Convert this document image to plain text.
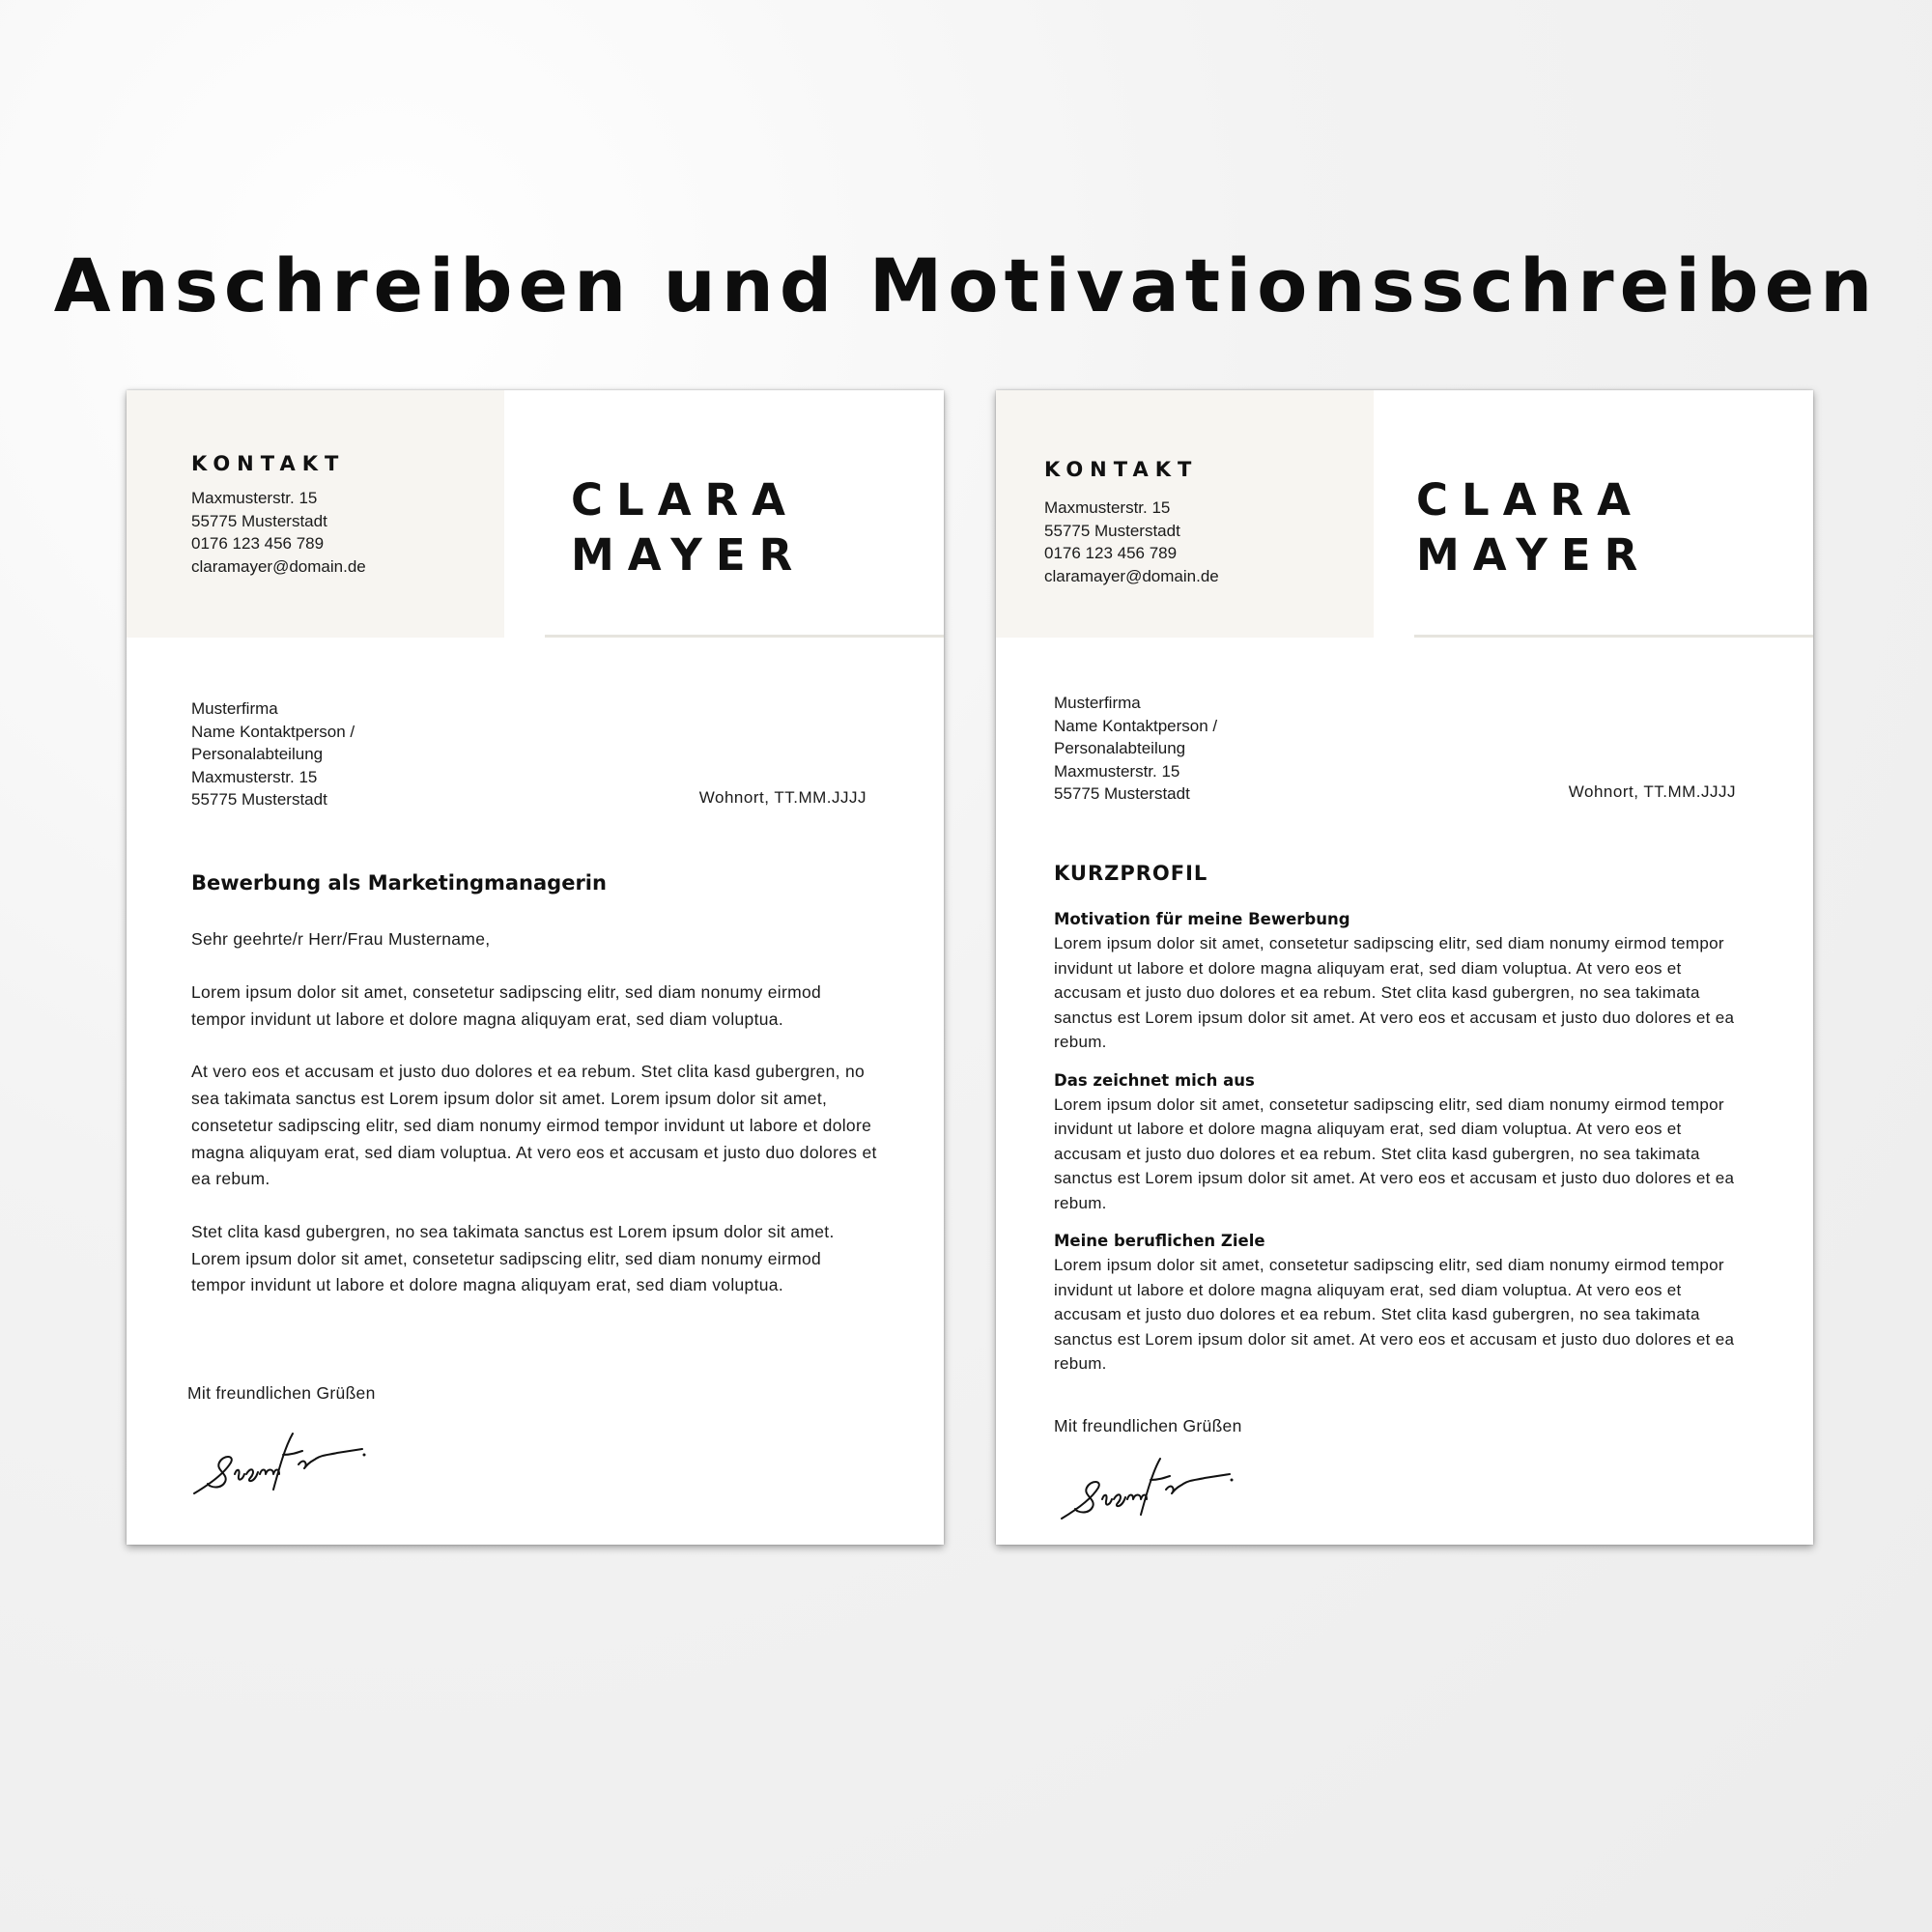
Anschreiben und Motivationsschreiben
KONTAKT
Maxmusterstr. 15
55775 Musterstadt
0176 123 456 789
claramayer@domain.de
CLARA
MAYER
Musterfirma
Name Kontaktperson /
Personalabteilung
Maxmusterstr. 15
55775 Musterstadt	Wohnort, TT.MM.JJJJ
Bewerbung als Marketingmanagerin
Sehr geehrte/r Herr/Frau Mustername,

Lorem ipsum dolor sit amet, consetetur sadipscing elitr, sed diam nonumy eirmod tempor invidunt ut labore et dolore magna aliquyam erat, sed diam voluptua.

At vero eos et accusam et justo duo dolores et ea rebum. Stet clita kasd gubergren, no sea takimata sanctus est Lorem ipsum dolor sit amet. Lorem ipsum dolor sit amet, consetetur sadipscing elitr, sed diam nonumy eirmod tempor invidunt ut labore et dolore magna aliquyam erat, sed diam voluptua. At vero eos et accusam et justo duo dolores et ea rebum.

Stet clita kasd gubergren, no sea takimata sanctus est Lorem ipsum dolor sit amet. Lorem ipsum dolor sit amet, consetetur sadipscing elitr, sed diam nonumy eirmod tempor invidunt ut labore et dolore magna aliquyam erat, sed diam voluptua.

Mit freundlichen Grüßen
KONTAKT
Maxmusterstr. 15
55775 Musterstadt
0176 123 456 789
claramayer@domain.de
CLARA
MAYER
Musterfirma
Name Kontaktperson /
Personalabteilung
Maxmusterstr. 15
55775 Musterstadt	Wohnort, TT.MM.JJJJ
KURZPROFIL
Motivation für meine Bewerbung

Lorem ipsum dolor sit amet, consetetur sadipscing elitr, sed diam nonumy eirmod tempor invidunt ut labore et dolore magna aliquyam erat, sed diam voluptua. At vero eos et accusam et justo duo dolores et ea rebum. Stet clita kasd gubergren, no sea takimata sanctus est Lorem ipsum dolor sit amet. At vero eos et accusam et justo duo dolores et ea rebum.

Das zeichnet mich aus

Lorem ipsum dolor sit amet, consetetur sadipscing elitr, sed diam nonumy eirmod tempor invidunt ut labore et dolore magna aliquyam erat, sed diam voluptua. At vero eos et accusam et justo duo dolores et ea rebum. Stet clita kasd gubergren, no sea takimata sanctus est Lorem ipsum dolor sit amet. At vero eos et accusam et justo duo dolores et ea rebum.

Meine beruflichen Ziele

Lorem ipsum dolor sit amet, consetetur sadipscing elitr, sed diam nonumy eirmod tempor invidunt ut labore et dolore magna aliquyam erat, sed diam voluptua. At vero eos et accusam et justo duo dolores et ea rebum. Stet clita kasd gubergren, no sea takimata sanctus est Lorem ipsum dolor sit amet. At vero eos et accusam et justo duo dolores et ea rebum.

Mit freundlichen Grüßen
